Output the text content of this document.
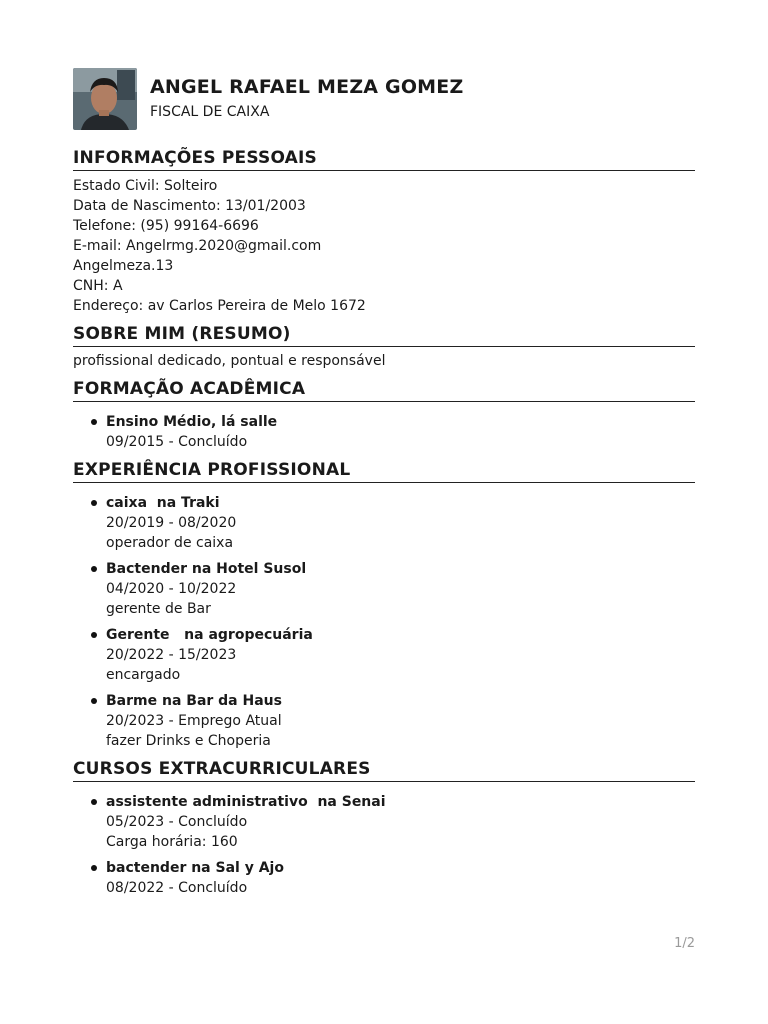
ANGEL RAFAEL MEZA GOMEZ
FISCAL DE CAIXA
INFORMAÇÕES PESSOAIS
Estado Civil: Solteiro
Data de Nascimento: 13/01/2003
Telefone: (95) 99164-6696
E-mail: Angelrmg.2020@gmail.com
Angelmeza.13
CNH: A
Endereço: av Carlos Pereira de Melo 1672
SOBRE MIM (RESUMO)
profissional dedicado, pontual e responsável
FORMAÇÃO ACADÊMICA
Ensino Médio, lá salle
09/2015 - Concluído
EXPERIÊNCIA PROFISSIONAL
caixa  na Traki
20/2019 - 08/2020
operador de caixa
Bactender na Hotel Susol
04/2020 - 10/2022
gerente de Bar
Gerente   na agropecuária
20/2022 - 15/2023
encargado
Barme na Bar da Haus
20/2023 - Emprego Atual
fazer Drinks e Choperia
CURSOS EXTRACURRICULARES
assistente administrativo  na Senai
05/2023 - Concluído
Carga horária: 160
bactender na Sal y Ajo
08/2022 - Concluído
1/2
